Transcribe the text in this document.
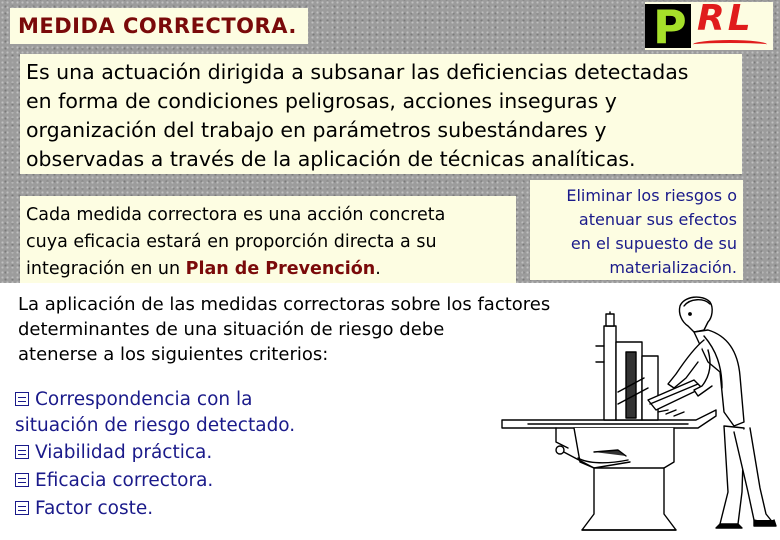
MEDIDA CORRECTORA.	P RL

Es una actuación dirigida a subsanar las deficiencias detectadas

en forma de condiciones peligrosas, acciones inseguras y

organización del trabajo en parámetros subestándares y

observadas a través de la aplicación de técnicas analíticas.

Cada medida correctora es una acción concreta

cuya eficacia estará en proporción directa a su

integración en un Plan de Prevención.

Eliminar los riesgos o

atenuar sus efectos

en el supuesto de su

materialización.

La aplicación de las medidas correctoras sobre los factores
determinantes de una situación de riesgo debe
atenerse a los siguientes criterios:
Correspondencia con la
situación de riesgo detectado.
Viabilidad práctica.
Eficacia correctora.
Factor coste.
